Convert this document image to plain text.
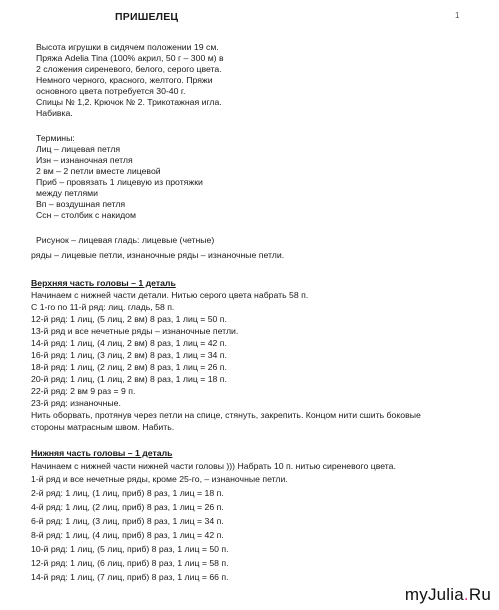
ПРИШЕЛЕЦ	1
Высота игрушки в сидячем положении 19 см.
Пряжа Adelia Tina (100% акрил, 50 г – 300 м) в
2 сложения сиреневого, белого, серого цвета.
Немного черного, красного, желтого. Пряжи
основного цвета потребуется 30-40 г.
Спицы № 1,2. Крючок № 2. Трикотажная игла.
Набивка.
Термины:
Лиц – лицевая петля
Изн – изнаночная петля
2 вм – 2 петли вместе лицевой
Приб – провязать 1 лицевую из протяжки
между петлями
Вп – воздушная петля
Ссн – столбик с накидом
Рисунок – лицевая гладь: лицевые (четные)
ряды – лицевые петли, изнаночные ряды – изнаночные петли.
Верхняя часть головы – 1 деталь
Начинаем с нижней части детали. Нитью серого цвета набрать 58 п.
С 1-го по 11-й ряд: лиц. гладь, 58 п.
12-й ряд: 1 лиц, (5 лиц, 2 вм) 8 раз, 1 лиц = 50 п.
13-й ряд и все нечетные ряды – изнаночные петли.
14-й ряд: 1 лиц, (4 лиц, 2 вм) 8 раз, 1 лиц = 42 п.
16-й ряд: 1 лиц, (3 лиц, 2 вм) 8 раз, 1 лиц = 34 п.
18-й ряд: 1 лиц, (2 лиц, 2 вм) 8 раз, 1 лиц = 26 п.
20-й ряд: 1 лиц, (1 лиц, 2 вм) 8 раз, 1 лиц = 18 п.
22-й ряд: 2 вм 9 раз = 9 п.
23-й ряд: изнаночные.
Нить оборвать, протянув через петли на спице, стянуть, закрепить. Концом нити сшить боковые
стороны матрасным швом. Набить.
Нижняя часть головы – 1 деталь
Начинаем с нижней части нижней части головы ))) Набрать 10 п. нитью сиреневого цвета.
1-й ряд и все нечетные ряды, кроме 25-го, – изнаночные петли.
2-й ряд: 1 лиц, (1 лиц, приб) 8 раз, 1 лиц = 18 п.
4-й ряд: 1 лиц, (2 лиц, приб) 8 раз, 1 лиц = 26 п.
6-й ряд: 1 лиц, (3 лиц, приб) 8 раз, 1 лиц = 34 п.
8-й ряд: 1 лиц, (4 лиц, приб) 8 раз, 1 лиц = 42 п.
10-й ряд: 1 лиц, (5 лиц, приб) 8 раз, 1 лиц = 50 п.
12-й ряд: 1 лиц, (6 лиц, приб) 8 раз, 1 лиц = 58 п.
14-й ряд: 1 лиц, (7 лиц, приб) 8 раз, 1 лиц = 66 п.
myJulia.Ru
